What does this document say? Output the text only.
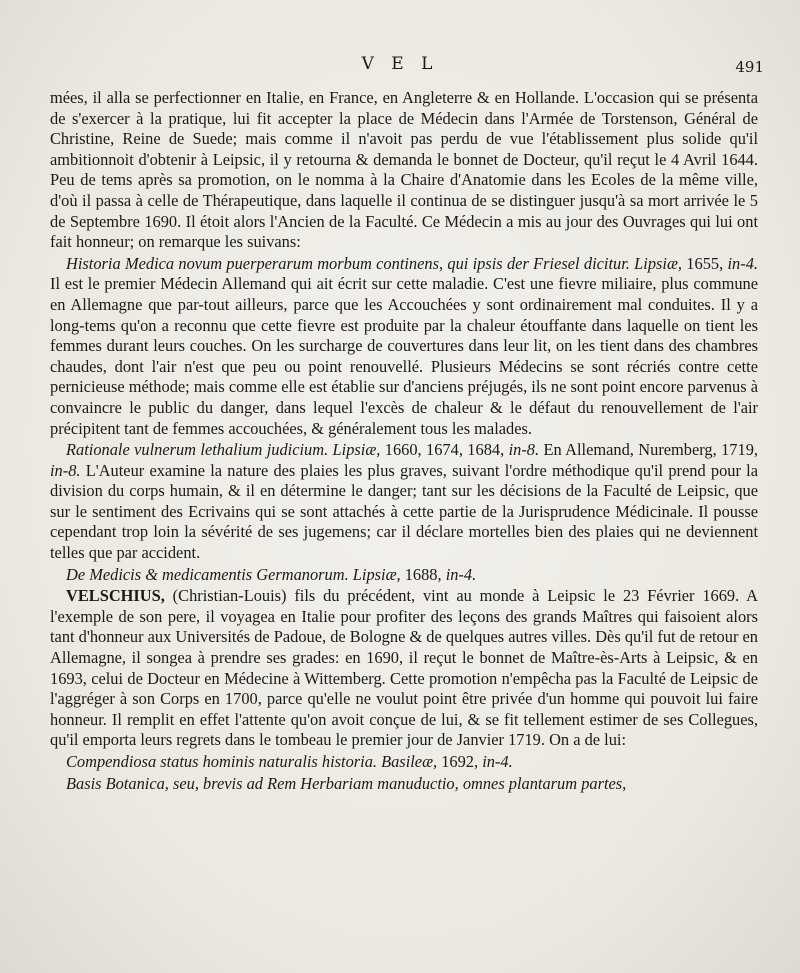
V E L	491

mées, il alla se perfectionner en Italie, en France, en Angleterre & en Hollande. L'occasion qui se présenta de s'exercer à la pratique, lui fit accepter la place de Médecin dans l'Armée de Torstenson, Général de Christine, Reine de Suede; mais comme il n'avoit pas perdu de vue l'établissement plus solide qu'il ambitionnoit d'obtenir à Leipsic, il y retourna & demanda le bonnet de Docteur, qu'il reçut le 4 Avril 1644. Peu de tems après sa promotion, on le nomma à la Chaire d'Anatomie dans les Ecoles de la même ville, d'où il passa à celle de Thérapeutique, dans laquelle il continua de se distinguer jusqu'à sa mort arrivée le 5 de Septembre 1690. Il étoit alors l'Ancien de la Faculté. Ce Médecin a mis au jour des Ouvrages qui lui ont fait honneur; on remarque les suivans:

Historia Medica novum puerperarum morbum continens, qui ipsis der Friesel dicitur. Lipsiæ, 1655, in-4. Il est le premier Médecin Allemand qui ait écrit sur cette maladie. C'est une fievre miliaire, plus commune en Allemagne que par-tout ailleurs, parce que les Accouchées y sont ordinairement mal conduites. Il y a long-tems qu'on a reconnu que cette fievre est produite par la chaleur étouffante dans laquelle on tient les femmes durant leurs couches. On les surcharge de couvertures dans leur lit, on les tient dans des chambres chaudes, dont l'air n'est que peu ou point renouvellé. Plusieurs Médecins se sont récriés contre cette pernicieuse méthode; mais comme elle est établie sur d'anciens préjugés, ils ne sont point encore parvenus à convaincre le public du danger, dans lequel l'excès de chaleur & le défaut du renouvellement de l'air précipitent tant de femmes accouchées, & généralement tous les malades.

Rationale vulnerum lethalium judicium. Lipsiæ, 1660, 1674, 1684, in-8. En Allemand, Nuremberg, 1719, in-8. L'Auteur examine la nature des plaies les plus graves, suivant l'ordre méthodique qu'il prend pour la division du corps humain, & il en détermine le danger; tant sur les décisions de la Faculté de Leipsic, que sur le sentiment des Ecrivains qui se sont attachés à cette partie de la Jurisprudence Médicinale. Il pousse cependant trop loin la sévérité de ses jugemens; car il déclare mortelles bien des plaies qui ne deviennent telles que par accident.

De Medicis & medicamentis Germanorum. Lipsiæ, 1688, in-4.

VELSCHIUS, (Christian-Louis) fils du précédent, vint au monde à Leipsic le 23 Février 1669. A l'exemple de son pere, il voyagea en Italie pour profiter des leçons des grands Maîtres qui faisoient alors tant d'honneur aux Universités de Padoue, de Bologne & de quelques autres villes. Dès qu'il fut de retour en Allemagne, il songea à prendre ses grades: en 1690, il reçut le bonnet de Maître-ès-Arts à Leipsic, & en 1693, celui de Docteur en Médecine à Wittemberg. Cette promotion n'empêcha pas la Faculté de Leipsic de l'aggréger à son Corps en 1700, parce qu'elle ne voulut point être privée d'un homme qui pouvoit lui faire honneur. Il remplit en effet l'attente qu'on avoit conçue de lui, & se fit tellement estimer de ses Collegues, qu'il emporta leurs regrets dans le tombeau le premier jour de Janvier 1719. On a de lui:

Compendiosa status hominis naturalis historia. Basileæ, 1692, in-4.

Basis Botanica, seu, brevis ad Rem Herbariam manuductio, omnes plantarum partes,
